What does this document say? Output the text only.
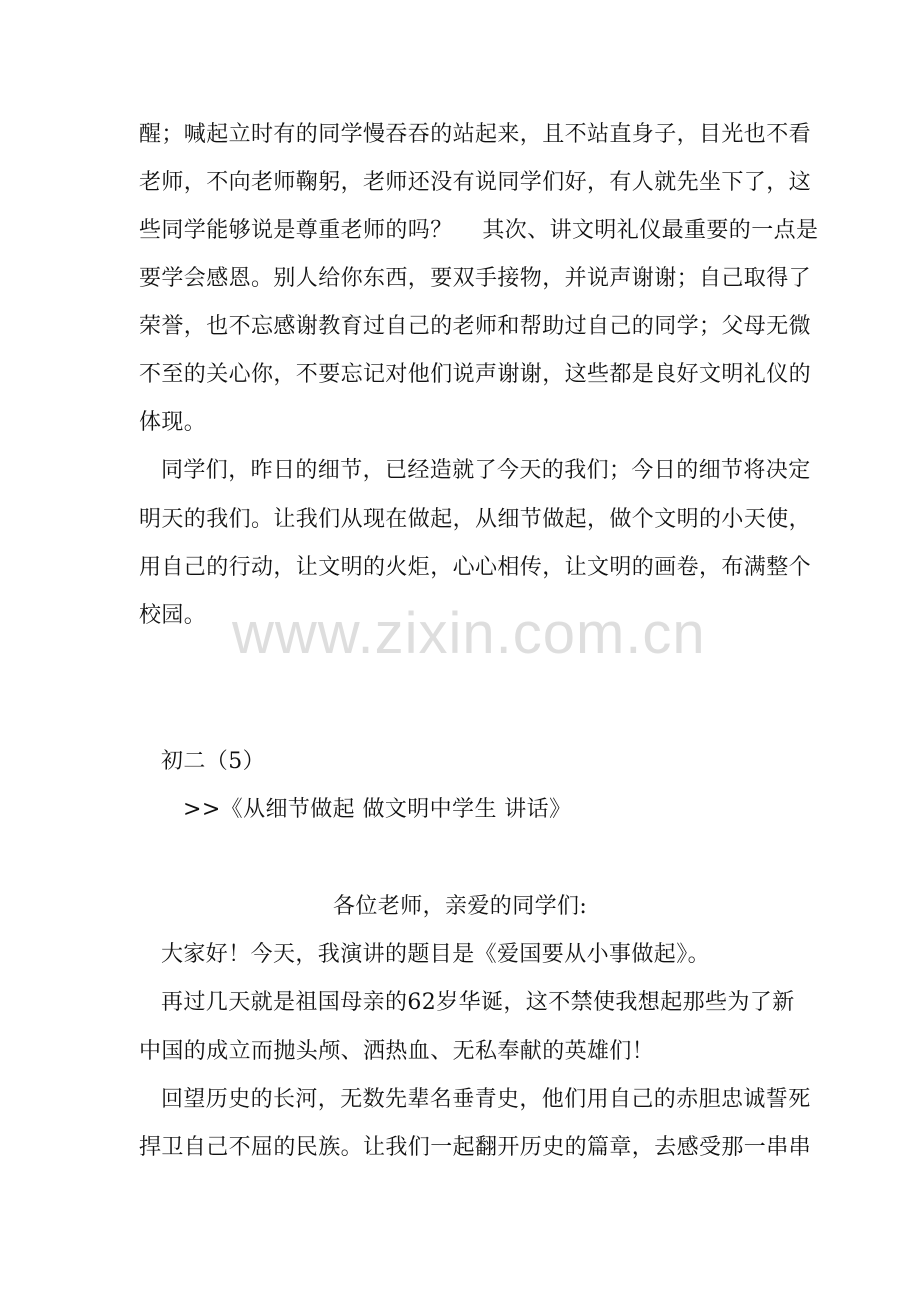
醒；喊起立时有的同学慢吞吞的站起来，且不站直身子，目光也不看
老师，不向老师鞠躬，老师还没有说同学们好，有人就先坐下了，这
些同学能够说是尊重老师的吗？　 其次、讲文明礼仪最重要的一点是
要学会感恩。别人给你东西，要双手接物，并说声谢谢；自己取得了
荣誉，也不忘感谢教育过自己的老师和帮助过自己的同学；父母无微
不至的关心你，不要忘记对他们说声谢谢，这些都是良好文明礼仪的
体现。
同学们，昨日的细节，已经造就了今天的我们；今日的细节将决定
明天的我们。让我们从现在做起，从细节做起，做个文明的小天使，
用自己的行动，让文明的火炬，心心相传，让文明的画卷，布满整个
校园。 www.zixin.com.cn
初二（5）
>>《从细节做起 做文明中学生 讲话》
各位老师，亲爱的同学们:
大家好！今天，我演讲的题目是《爱国要从小事做起》。
再过几天就是祖国母亲的62岁华诞，这不禁使我想起那些为了新
中国的成立而抛头颅、洒热血、无私奉献的英雄们！
回望历史的长河，无数先辈名垂青史，他们用自己的赤胆忠诚誓死
捍卫自己不屈的民族。让我们一起翻开历史的篇章，去感受那一串串
